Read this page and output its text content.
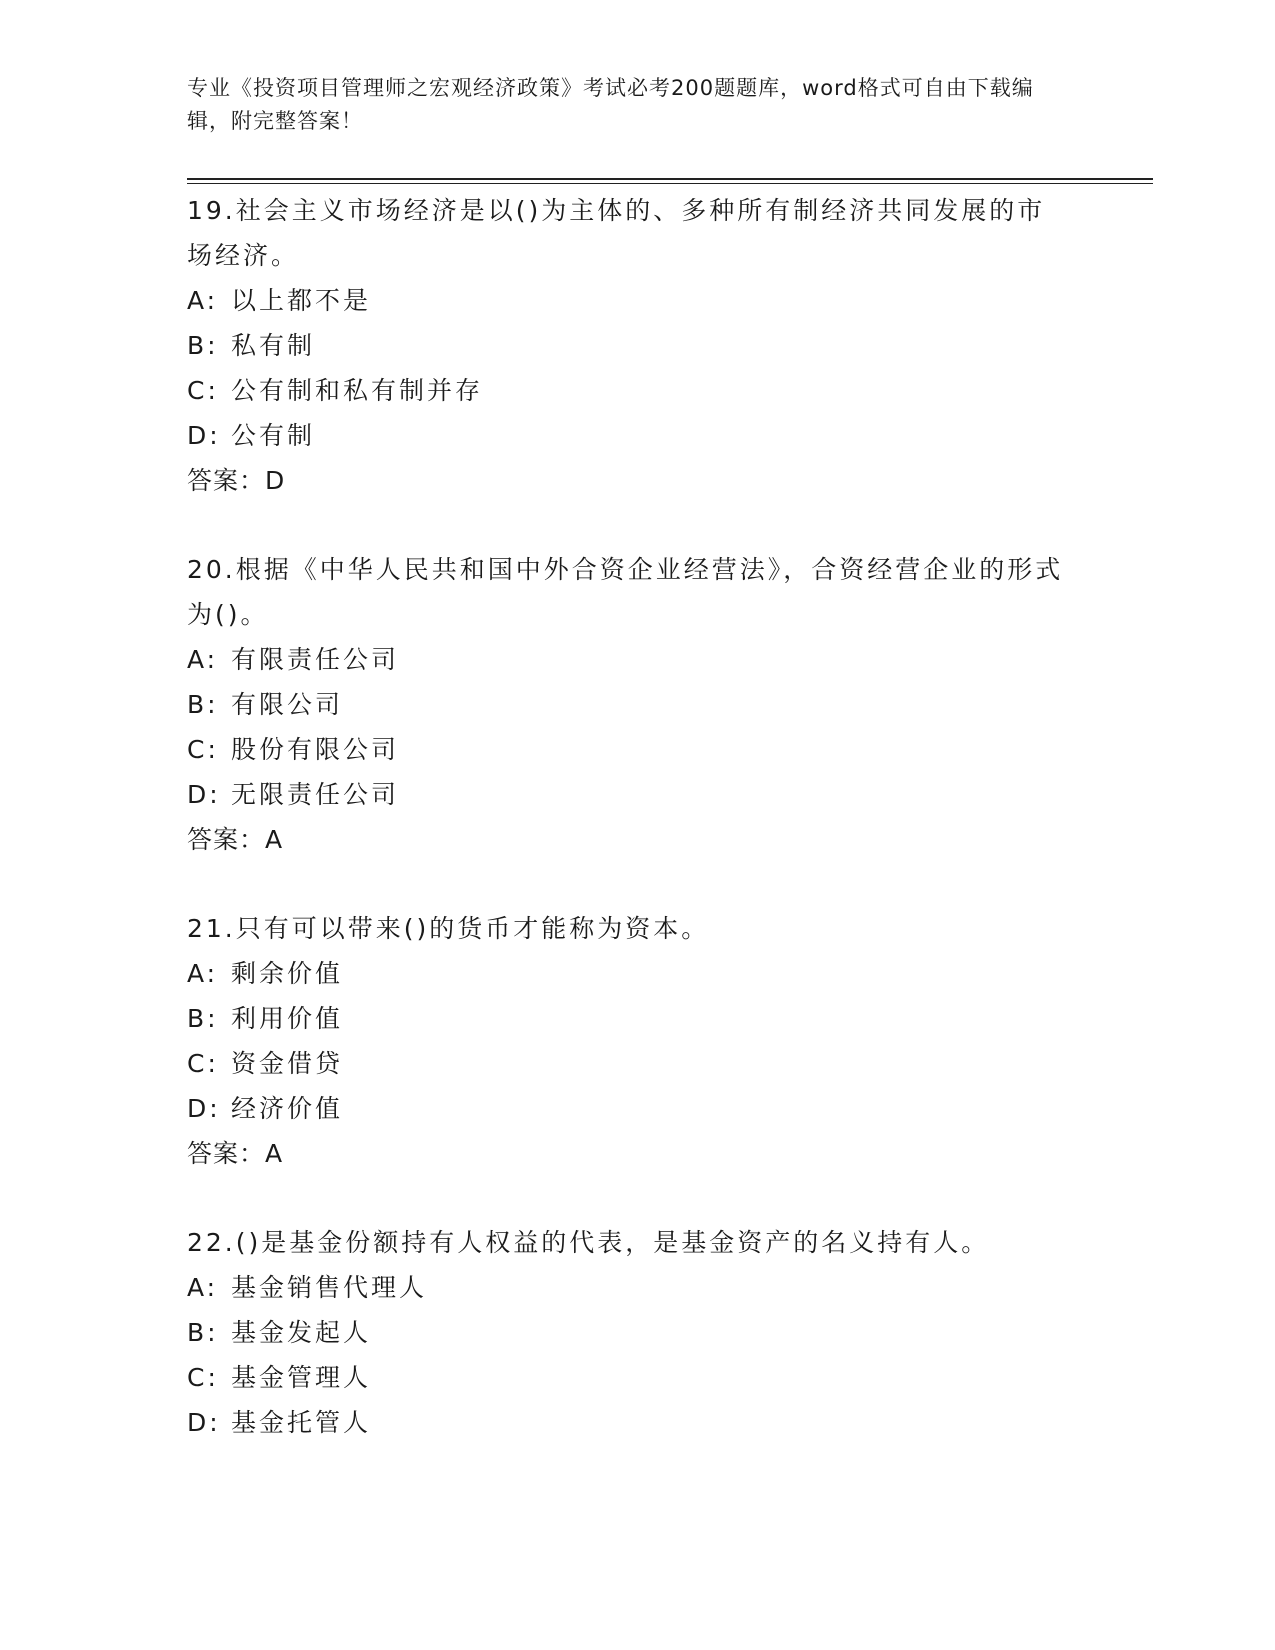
专业《投资项目管理师之宏观经济政策》考试必考200题题库，word格式可自由下载编辑，附完整答案！

19.社会主义市场经济是以()为主体的、多种所有制经济共同发展的市场经济。

A: 以上都不是

B: 私有制

C: 公有制和私有制并存

D: 公有制

答案：D

20.根据《中华人民共和国中外合资企业经营法》，合资经营企业的形式为()。

A: 有限责任公司

B: 有限公司

C: 股份有限公司

D: 无限责任公司

答案：A

21.只有可以带来()的货币才能称为资本。

A: 剩余价值

B: 利用价值

C: 资金借贷

D: 经济价值

答案：A

22.()是基金份额持有人权益的代表，是基金资产的名义持有人。

A: 基金销售代理人

B: 基金发起人

C: 基金管理人

D: 基金托管人
